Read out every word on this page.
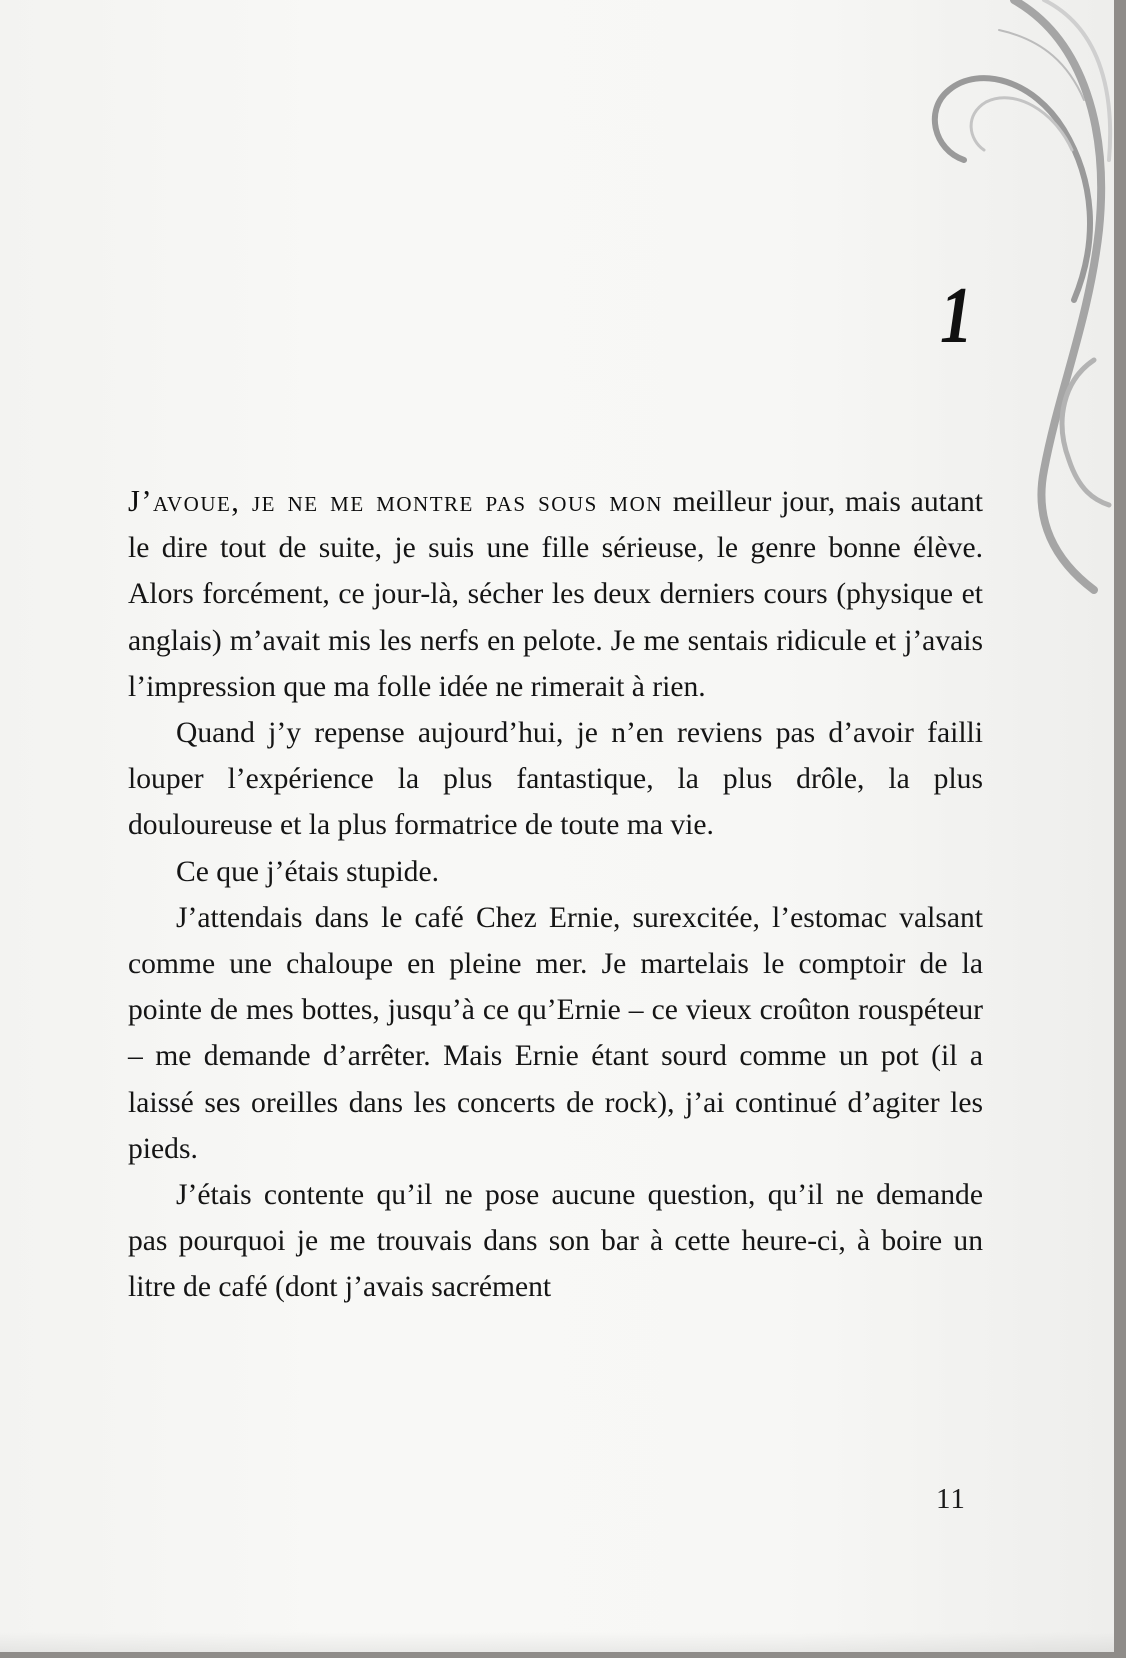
1

J’avoue, je ne me montre pas sous mon meilleur jour, mais autant le dire tout de suite, je suis une fille sérieuse, le genre bonne élève. Alors forcément, ce jour-là, sécher les deux derniers cours (physique et anglais) m’avait mis les nerfs en pelote. Je me sentais ridicule et j’avais l’impression que ma folle idée ne rimerait à rien.

Quand j’y repense aujourd’hui, je n’en reviens pas d’avoir failli louper l’expérience la plus fantastique, la plus drôle, la plus douloureuse et la plus formatrice de toute ma vie.

Ce que j’étais stupide.

J’attendais dans le café Chez Ernie, surexcitée, l’estomac valsant comme une chaloupe en pleine mer. Je martelais le comptoir de la pointe de mes bottes, jusqu’à ce qu’Ernie – ce vieux croûton rouspéteur – me demande d’arrêter. Mais Ernie étant sourd comme un pot (il a laissé ses oreilles dans les concerts de rock), j’ai continué d’agiter les pieds.

J’étais contente qu’il ne pose aucune question, qu’il ne demande pas pourquoi je me trouvais dans son bar à cette heure-ci, à boire un litre de café (dont j’avais sacrément

11
